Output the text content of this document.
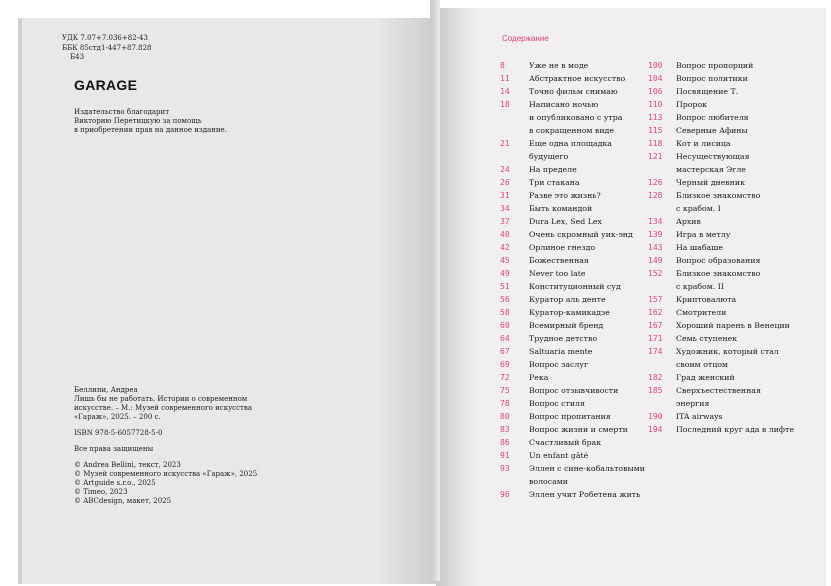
УДК 7.07+7.036+82-43
ББК 85стд1-447+87.828
Б43
GARAGE
Издательство благодарит
Викторию Перетицкую за помощь
в приобретении прав на данное издание.
Беллини, Андреа
Лишь бы не работать. Истории о современном
искусстве. – М.: Музей современного искусства
«Гараж», 2025. – 200 с.
ISBN 978-5-6057728-5-0
Все права защищены
© Andrea Bellini, текст, 2023
© Музей современного искусства «Гараж», 2025
© Artguide s.r.o., 2025
© Timeo, 2023
© ABCdesign, макет, 2025
Содержание
8	Уже не в моде
11 Абстрактное искусство
14 Точно фильм снимаю
18 Написано ночью
и опубликовано с утра
в сокращенном виде
21 Еще одна площадка
будущего
24 На пределе
26 Три стакана
31 Разве это жизнь?
34 Быть командой
37 Dura Lex, Sed Lex
40 Очень скромный уик-энд
42 Орлиное гнездо
45 Божественная
49 Never too late
51 Конституционный суд
56 Куратор аль денте
58 Куратор-камикадзе
60 Всемирный бренд
64 Трудное детство
67 Saltuaria mente
69 Вопрос заслуг
72 Река
75 Вопрос отзывчивости
78 Вопрос стиля
80 Вопрос пропитания
83 Вопрос жизни и смерти
86 Счастливый брак
91 Un enfant gâté
93 Эллен с сине-кобальтовыми
волосами
96 Эллен учит Робетена жить
100 Вопрос пропорций
104 Вопрос политики
106 Посвящение Т.
110 Пророк
113 Вопрос любителя
115 Северные Афины
118 Кот и лисица
121 Несуществующая
мастерская Эгле
126 Черный дневник
128 Близкое знакомство
с крабом. I
134 Архив
139 Игра в метлу
143 На шабаше
149 Вопрос образования
152 Близкое знакомство
с крабом. II
157 Криптовалюта
162 Смотрители
167 Хороший парень в Венеции
171 Семь ступенек
174 Художник, который стал
своим отцом
182 Град женский
185 Сверхъестественная
энергия
190 ITA airways
194 Последний круг ада в лифте
